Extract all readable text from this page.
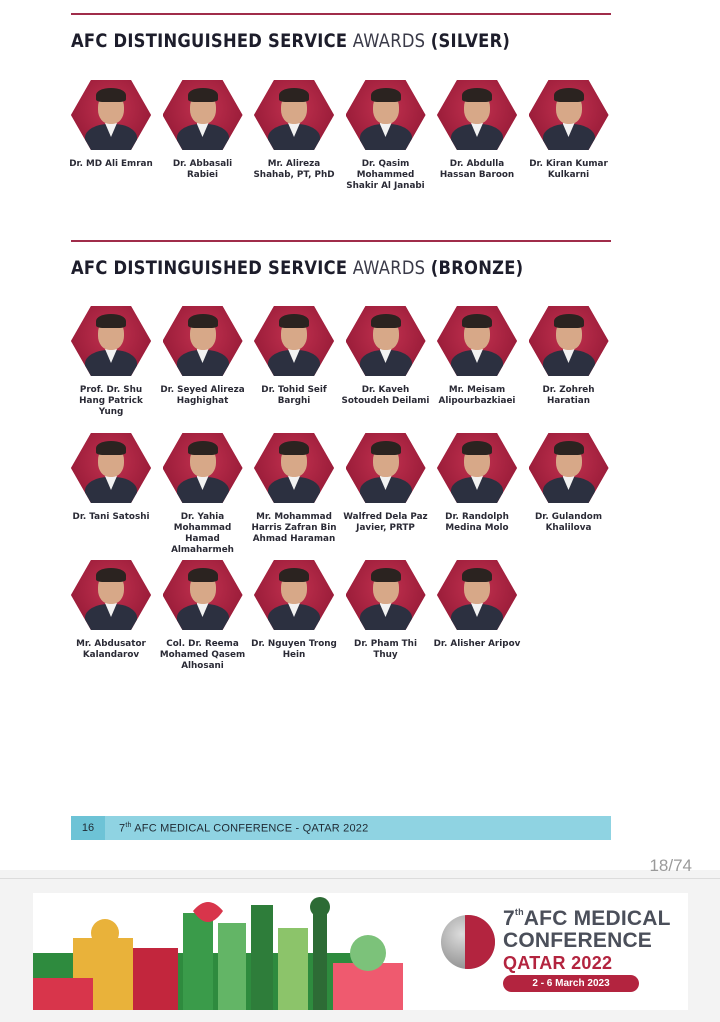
AFC DISTINGUISHED SERVICE AWARDS (SILVER)
Dr. MD Ali Emran	Dr. Abbasali Rabiei
Mr. Alireza Shahab, PT, PhD
Dr. Qasim Mohammed Shakir Al Janabi
Dr. Abdulla Hassan Baroon
Dr. Kiran Kumar Kulkarni
AFC DISTINGUISHED SERVICE AWARDS (BRONZE)
Prof. Dr. Shu Hang Patrick Yung
Dr. Seyed Alireza Haghighat
Dr. Tohid Seif Barghi
Dr. Kaveh Sotoudeh Deilami
Mr. Meisam Alipourbazkiaei
Dr. Zohreh Haratian
Dr. Tani Satoshi	Dr. Yahia Mohammad Hamad Almaharmeh
Mr. Mohammad Harris Zafran Bin Ahmad Haraman
Walfred Dela Paz Javier, PRTP
Dr. Randolph Medina Molo
Dr. Gulandom Khalilova
Mr. Abdusator Kalandarov
Col. Dr. Reema Mohamed Qasem Alhosani
Dr. Nguyen Trong Hein
Dr. Pham Thi Thuy
Dr. Alisher Aripov
16	7th AFC MEDICAL CONFERENCE - QATAR 2022
18/74
7thAFC MEDICAL
CONFERENCE
QATAR 2022
2 - 6 March 2023
